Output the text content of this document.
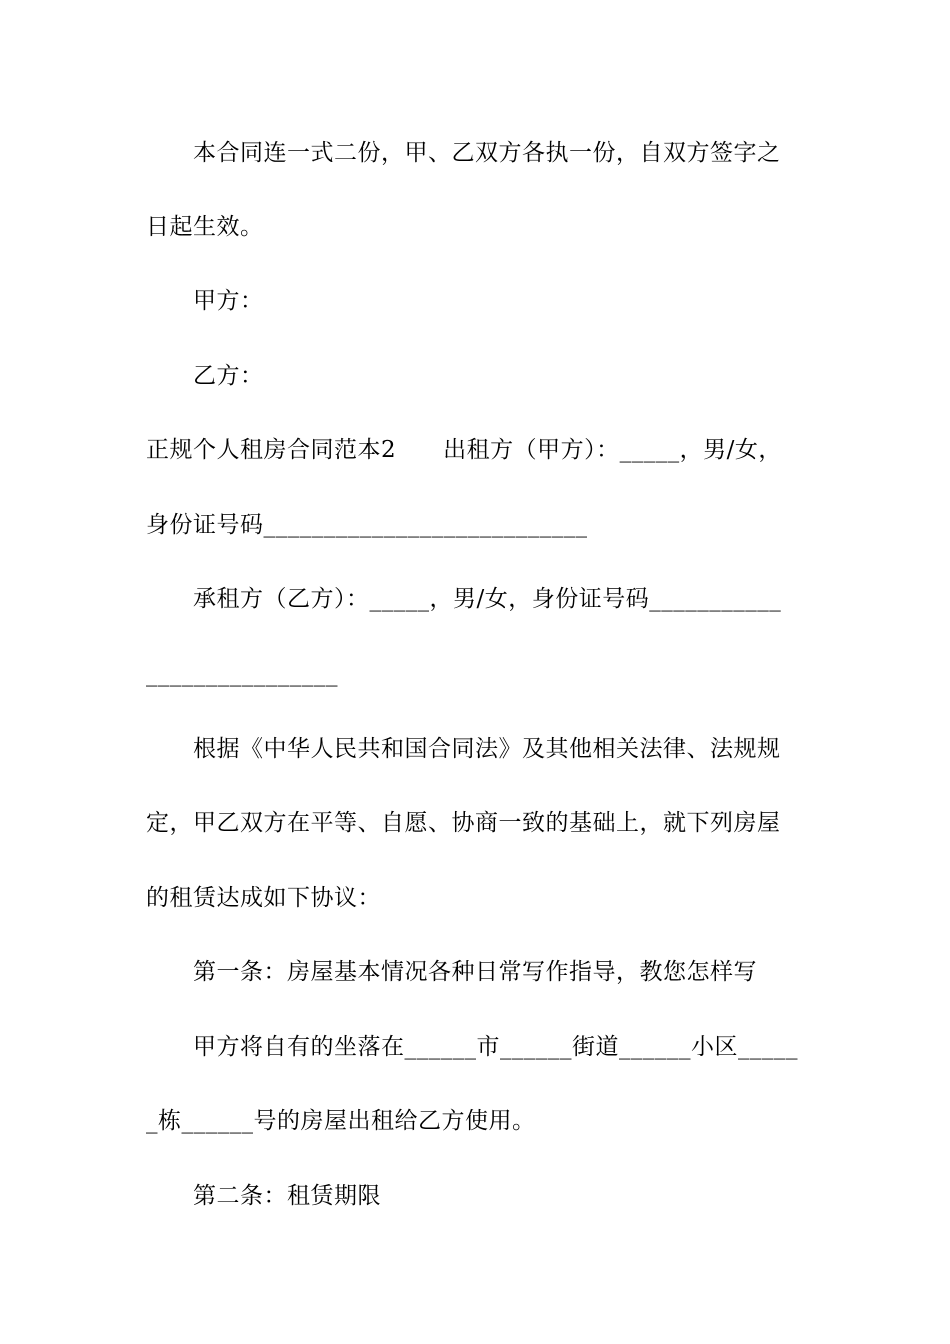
本合同连一式二份，甲、乙双方各执一份，自双方签字之
日起生效。
甲方：
乙方：
正规个人租房合同范本2　　出租方（甲方）：_____，男/女，
身份证号码___________________________
承租方（乙方）：_____，男/女，身份证号码___________
________________
根据《中华人民共和国合同法》及其他相关法律、法规规
定，甲乙双方在平等、自愿、协商一致的基础上，就下列房屋
的租赁达成如下协议：
第一条：房屋基本情况各种日常写作指导，教您怎样写
甲方将自有的坐落在______市______街道______小区_____
_栋______号的房屋出租给乙方使用。
第二条：租赁期限
